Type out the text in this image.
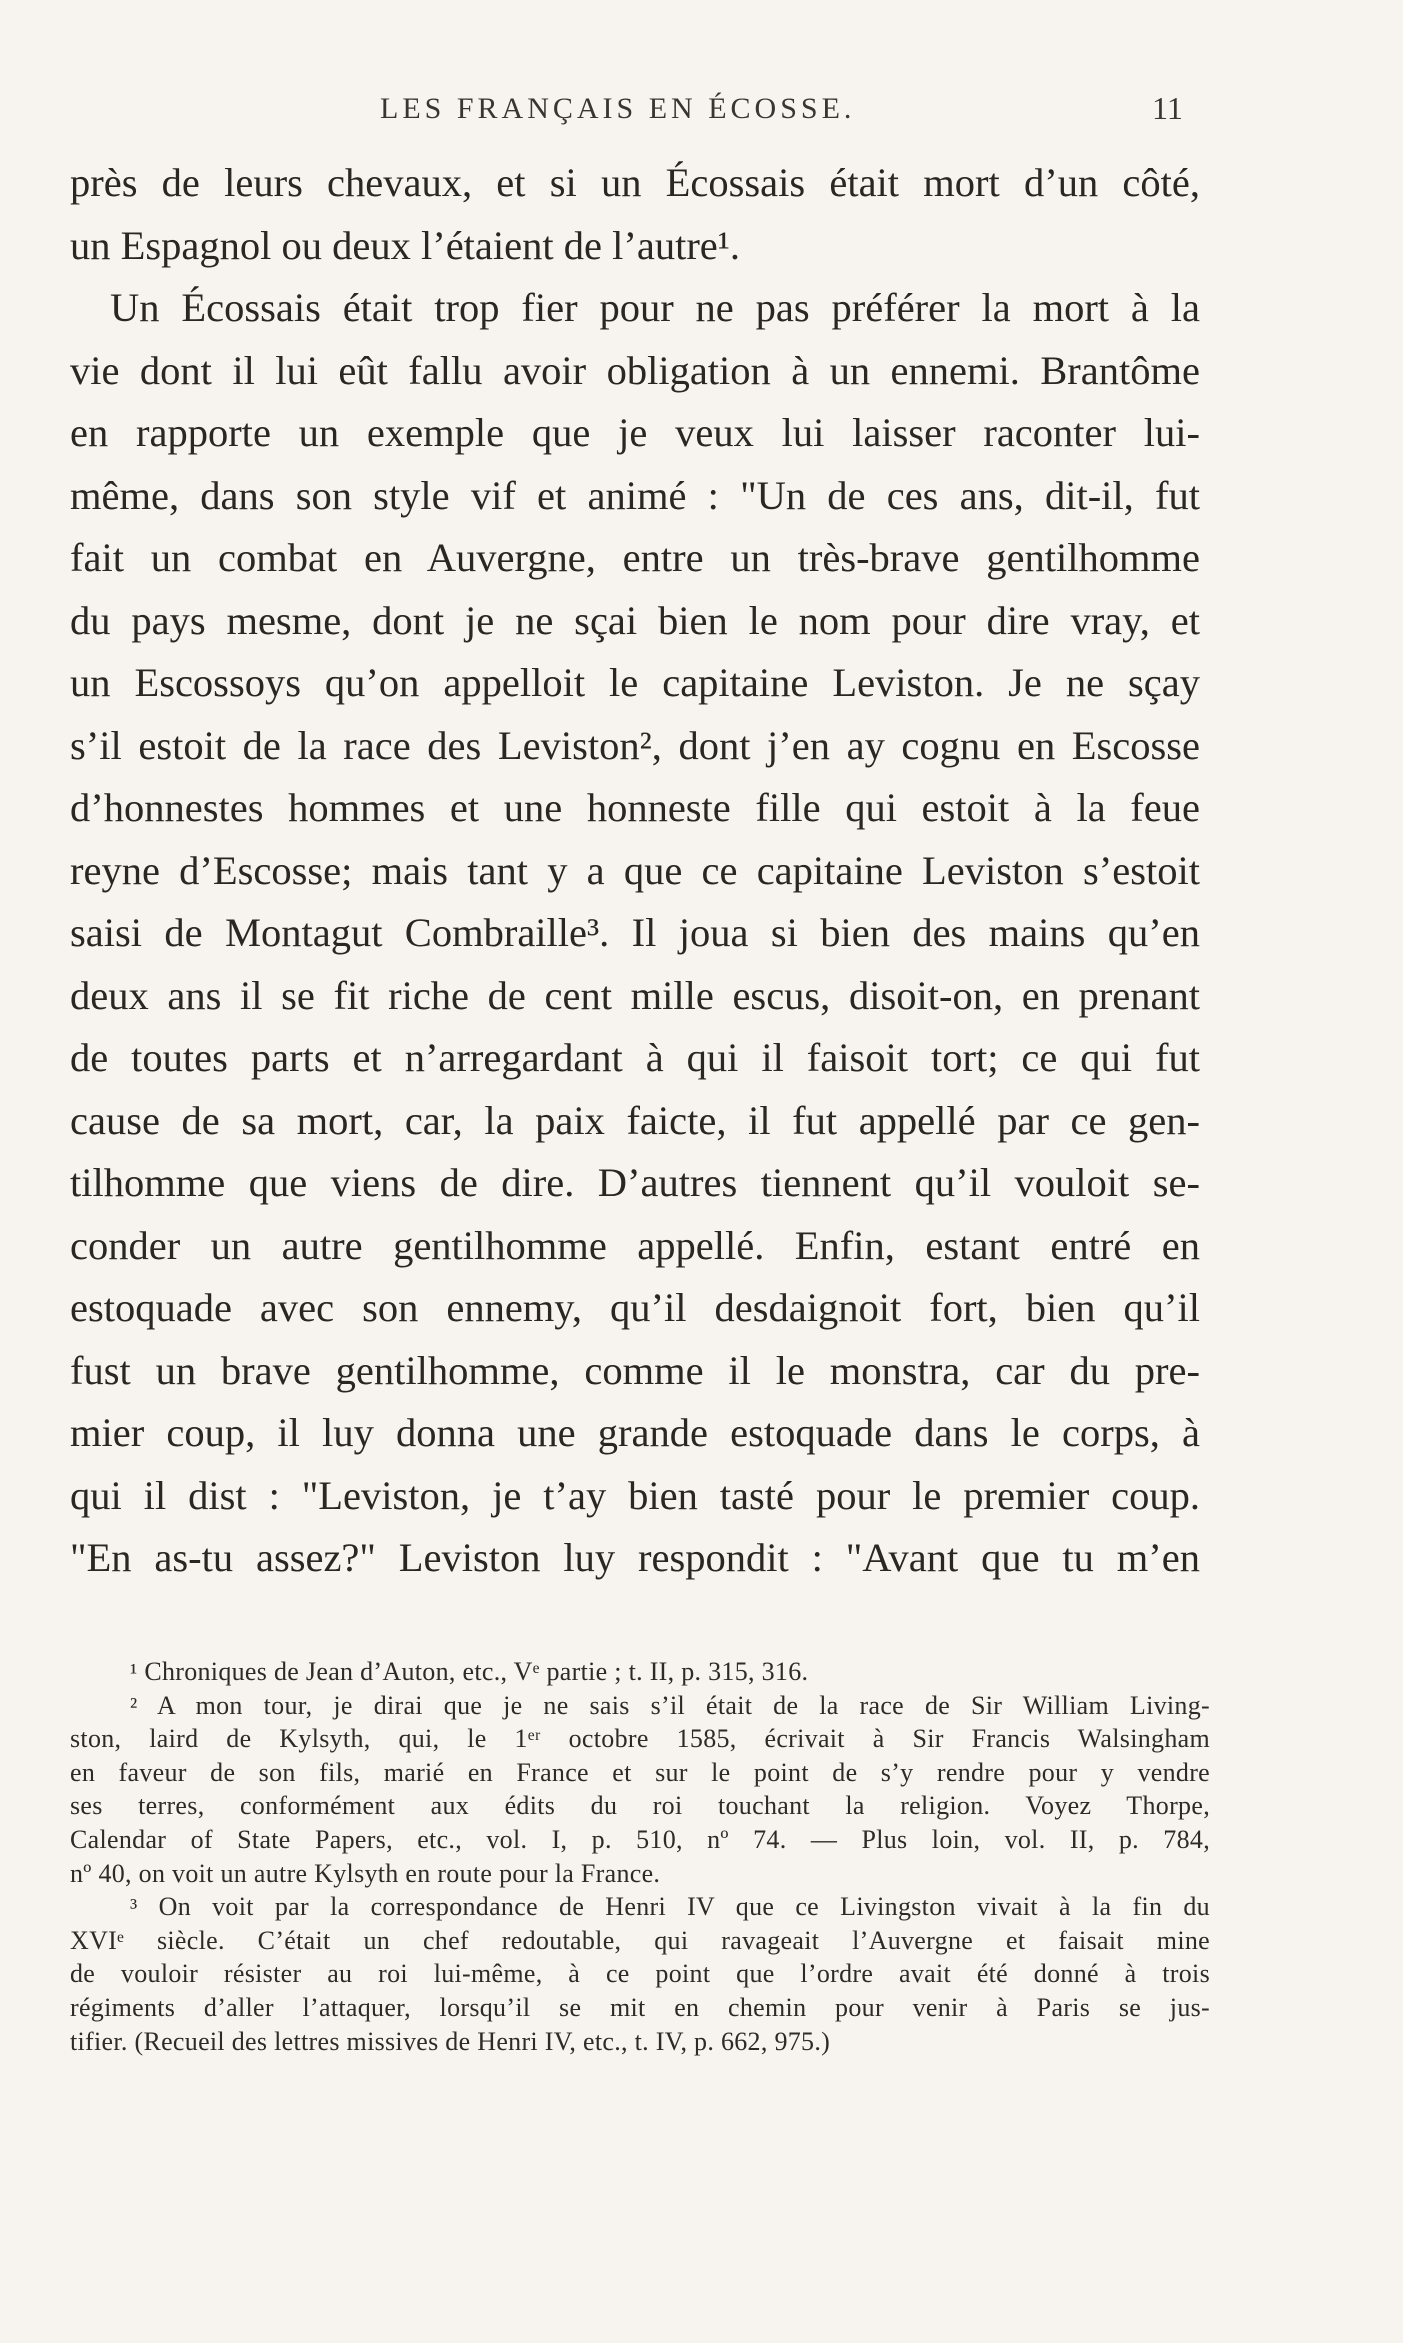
LES FRANÇAIS EN ÉCOSSE.	11
près de leurs chevaux, et si un Écossais était mort d’un côté,
un Espagnol ou deux l’étaient de l’autre¹.
Un Écossais était trop fier pour ne pas préférer la mort à la
vie dont il lui eût fallu avoir obligation à un ennemi. Brantôme
en rapporte un exemple que je veux lui laisser raconter lui-
même, dans son style vif et animé : "Un de ces ans, dit-il, fut
fait un combat en Auvergne, entre un très-brave gentilhomme
du pays mesme, dont je ne sçai bien le nom pour dire vray, et
un Escossoys qu’on appelloit le capitaine Leviston. Je ne sçay
s’il estoit de la race des Leviston², dont j’en ay cognu en Escosse
d’honnestes hommes et une honneste fille qui estoit à la feue
reyne d’Escosse; mais tant y a que ce capitaine Leviston s’estoit
saisi de Montagut Combraille³. Il joua si bien des mains qu’en
deux ans il se fit riche de cent mille escus, disoit-on, en prenant
de toutes parts et n’arregardant à qui il faisoit tort; ce qui fut
cause de sa mort, car, la paix faicte, il fut appellé par ce gen-
tilhomme que viens de dire. D’autres tiennent qu’il vouloit se-
conder un autre gentilhomme appellé. Enfin, estant entré en
estoquade avec son ennemy, qu’il desdaignoit fort, bien qu’il
fust un brave gentilhomme, comme il le monstra, car du pre-
mier coup, il luy donna une grande estoquade dans le corps, à
qui il dist : "Leviston, je t’ay bien tasté pour le premier coup.
"En as-tu assez?" Leviston luy respondit : "Avant que tu m’en
¹ Chroniques de Jean d’Auton, etc., Vᵉ partie ; t. II, p. 315, 316.
² A mon tour, je dirai que je ne sais s’il était de la race de Sir William Living-
ston, laird de Kylsyth, qui, le 1ᵉʳ octobre 1585, écrivait à Sir Francis Walsingham
en faveur de son fils, marié en France et sur le point de s’y rendre pour y vendre
ses terres, conformément aux édits du roi touchant la religion. Voyez Thorpe,
Calendar of State Papers, etc., vol. I, p. 510, nº 74. — Plus loin, vol. II, p. 784,
nº 40, on voit un autre Kylsyth en route pour la France.
³ On voit par la correspondance de Henri IV que ce Livingston vivait à la fin du
XVIᵉ siècle. C’était un chef redoutable, qui ravageait l’Auvergne et faisait mine
de vouloir résister au roi lui-même, à ce point que l’ordre avait été donné à trois
régiments d’aller l’attaquer, lorsqu’il se mit en chemin pour venir à Paris se jus-
tifier. (Recueil des lettres missives de Henri IV, etc., t. IV, p. 662, 975.)
